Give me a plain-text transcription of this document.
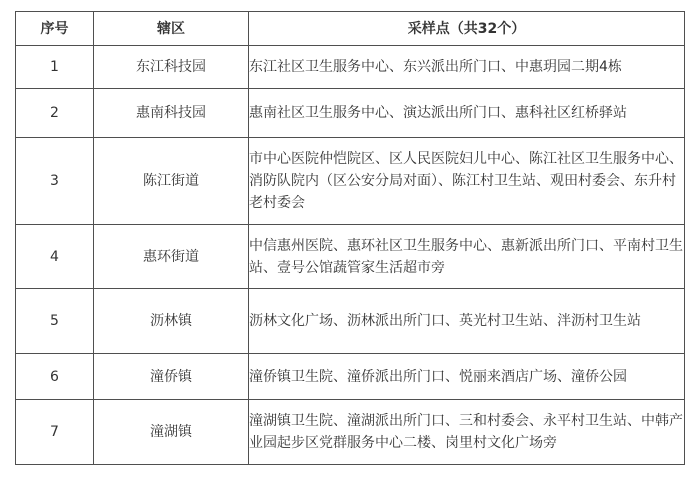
序号	辖区	采样点（共32个）
1	东江科技园	东江社区卫生服务中心、东兴派出所门口、中惠玥园二期4栋
2	惠南科技园	惠南社区卫生服务中心、演达派出所门口、惠科社区红桥驿站
3	陈江街道	市中心医院仲恺院区、区人民医院妇儿中心、陈江社区卫生服务中心、消防队院内（区公安分局对面）、陈江村卫生站、观田村委会、东升村老村委会
4	惠环街道	中信惠州医院、惠环社区卫生服务中心、惠新派出所门口、平南村卫生站、壹号公馆蔬管家生活超市旁
5	沥林镇	沥林文化广场、沥林派出所门口、英光村卫生站、泮沥村卫生站
6	潼侨镇	潼侨镇卫生院、潼侨派出所门口、悦丽来酒店广场、潼侨公园
7	潼湖镇	潼湖镇卫生院、潼湖派出所门口、三和村委会、永平村卫生站、中韩产业园起步区党群服务中心二楼、岗里村文化广场旁
